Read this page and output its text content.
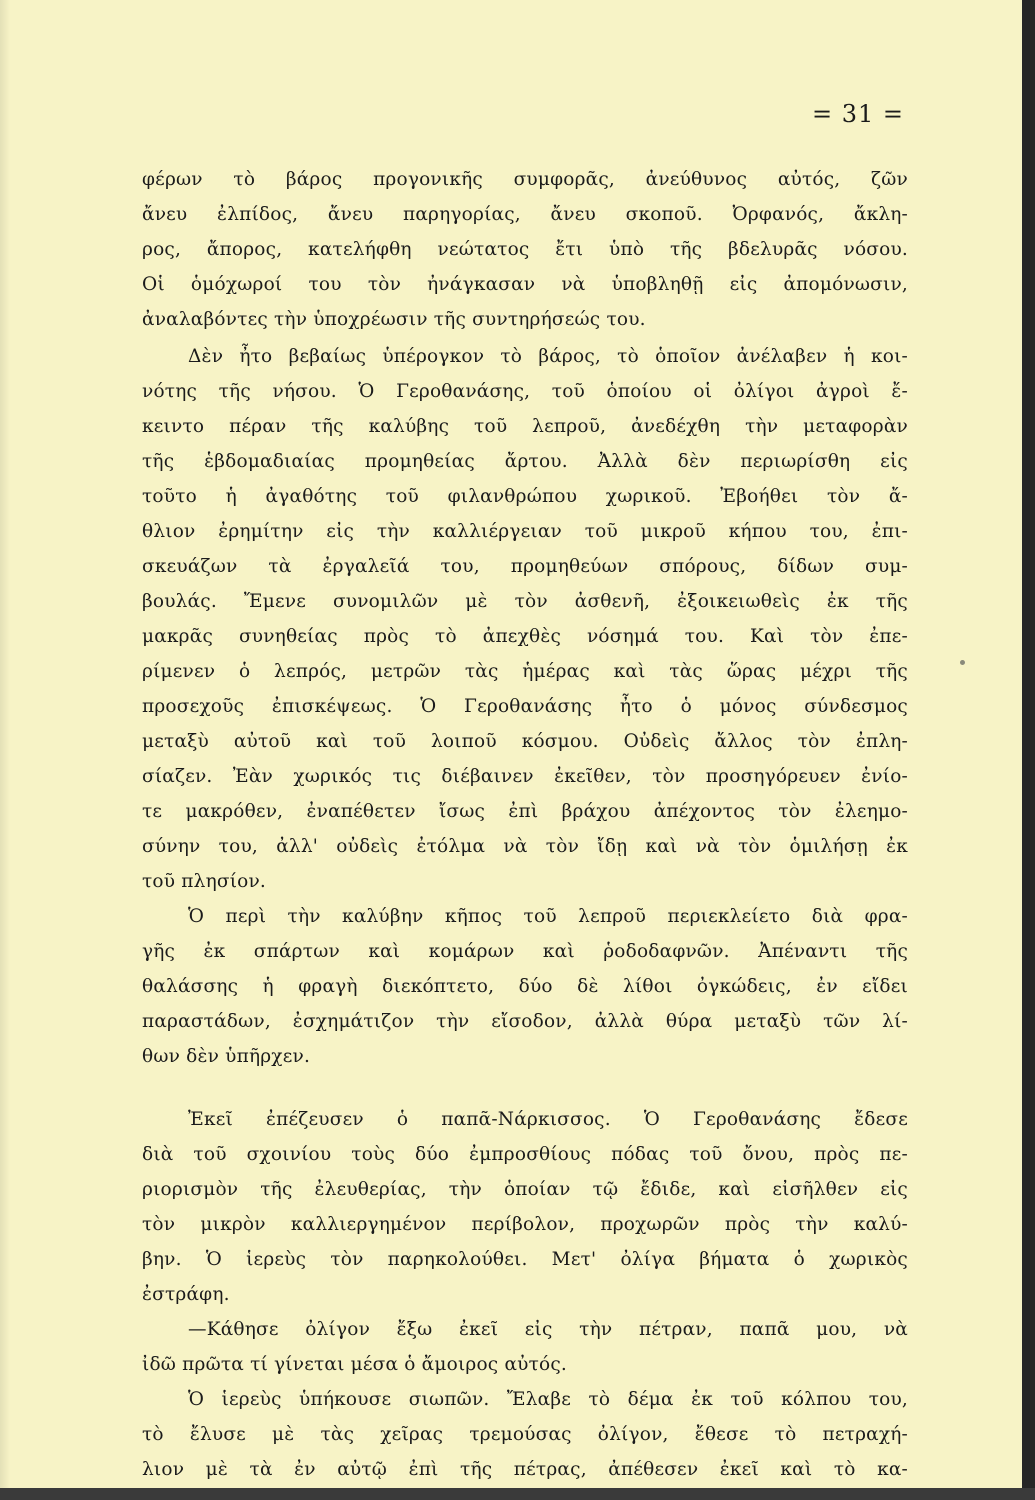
= 31 =
φέρων τὸ βάρος προγονικῆς συμφορᾶς, ἀνεύθυνος αὐτός, ζῶν
ἄνευ ἐλπίδος, ἄνευ παρηγορίας, ἄνευ σκοποῦ. Ὀρφανός, ἄκλη-
ρος, ἄπορος, κατελήφθη νεώτατος ἔτι ὑπὸ τῆς βδελυρᾶς νόσου.
Οἱ ὁμόχωροί του τὸν ἠνάγκασαν νὰ ὑποβληθῇ εἰς ἀπομόνωσιν,
ἀναλαβόντες τὴν ὑποχρέωσιν τῆς συντηρήσεώς του.
Δὲν ἦτο βεβαίως ὑπέρογκον τὸ βάρος, τὸ ὁποῖον ἀνέλαβεν ἡ κοι-
νότης τῆς νήσου. Ὁ Γεροθανάσης, τοῦ ὁποίου οἱ ὀλίγοι ἀγροὶ ἔ-
κειντο πέραν τῆς καλύβης τοῦ λεπροῦ, ἀνεδέχθη τὴν μεταφορὰν
τῆς ἑβδομαδιαίας προμηθείας ἄρτου. Ἀλλὰ δὲν περιωρίσθη εἰς
τοῦτο ἡ ἀγαθότης τοῦ φιλανθρώπου χωρικοῦ. Ἐβοήθει τὸν ἄ-
θλιον ἐρημίτην εἰς τὴν καλλιέργειαν τοῦ μικροῦ κήπου του, ἐπι-
σκευάζων τὰ ἐργαλεῖά του, προμηθεύων σπόρους, δίδων συμ-
βουλάς. Ἔμενε συνομιλῶν μὲ τὸν ἀσθενῆ, ἐξοικειωθεὶς ἐκ τῆς
μακρᾶς συνηθείας πρὸς τὸ ἀπεχθὲς νόσημά του. Καὶ τὸν ἐπε-
ρίμενεν ὁ λεπρός, μετρῶν τὰς ἡμέρας καὶ τὰς ὥρας μέχρι τῆς
προσεχοῦς ἐπισκέψεως. Ὁ Γεροθανάσης ἦτο ὁ μόνος σύνδεσμος
μεταξὺ αὐτοῦ καὶ τοῦ λοιποῦ κόσμου. Οὐδεὶς ἄλλος τὸν ἐπλη-
σίαζεν. Ἐὰν χωρικός τις διέβαινεν ἐκεῖθεν, τὸν προσηγόρευεν ἐνίο-
τε μακρόθεν, ἐναπέθετεν ἴσως ἐπὶ βράχου ἀπέχοντος τὸν ἐλεημο-
σύνην του, ἀλλ' οὐδεὶς ἐτόλμα νὰ τὸν ἴδῃ καὶ νὰ τὸν ὁμιλήσῃ ἐκ
τοῦ πλησίον.
Ὁ περὶ τὴν καλύβην κῆπος τοῦ λεπροῦ περιεκλείετο διὰ φρα-
γῆς ἐκ σπάρτων καὶ κομάρων καὶ ῥοδοδαφνῶν. Ἀπέναντι τῆς
θαλάσσης ἡ φραγὴ διεκόπτετο, δύο δὲ λίθοι ὀγκώδεις, ἐν εἴδει
παραστάδων, ἐσχημάτιζον τὴν εἴσοδον, ἀλλὰ θύρα μεταξὺ τῶν λί-
θων δὲν ὑπῆρχεν.
Ἐκεῖ ἐπέζευσεν ὁ παπᾶ-Νάρκισσος. Ὁ Γεροθανάσης ἔδεσε
διὰ τοῦ σχοινίου τοὺς δύο ἐμπροσθίους πόδας τοῦ ὄνου, πρὸς πε-
ριορισμὸν τῆς ἐλευθερίας, τὴν ὁποίαν τῷ ἔδιδε, καὶ εἰσῆλθεν εἰς
τὸν μικρὸν καλλιεργημένον περίβολον, προχωρῶν πρὸς τὴν καλύ-
βην. Ὁ ἱερεὺς τὸν παρηκολούθει. Μετ' ὀλίγα βήματα ὁ χωρικὸς
ἐστράφη.
—Κάθησε ὀλίγον ἔξω ἐκεῖ εἰς τὴν πέτραν, παπᾶ μου, νὰ
ἰδῶ πρῶτα τί γίνεται μέσα ὁ ἄμοιρος αὐτός.
Ὁ ἱερεὺς ὑπήκουσε σιωπῶν. Ἔλαβε τὸ δέμα ἐκ τοῦ κόλπου του,
τὸ ἔλυσε μὲ τὰς χεῖρας τρεμούσας ὀλίγον, ἔθεσε τὸ πετραχή-
λιον μὲ τὰ ἐν αὐτῷ ἐπὶ τῆς πέτρας, ἀπέθεσεν ἐκεῖ καὶ τὸ κα-
